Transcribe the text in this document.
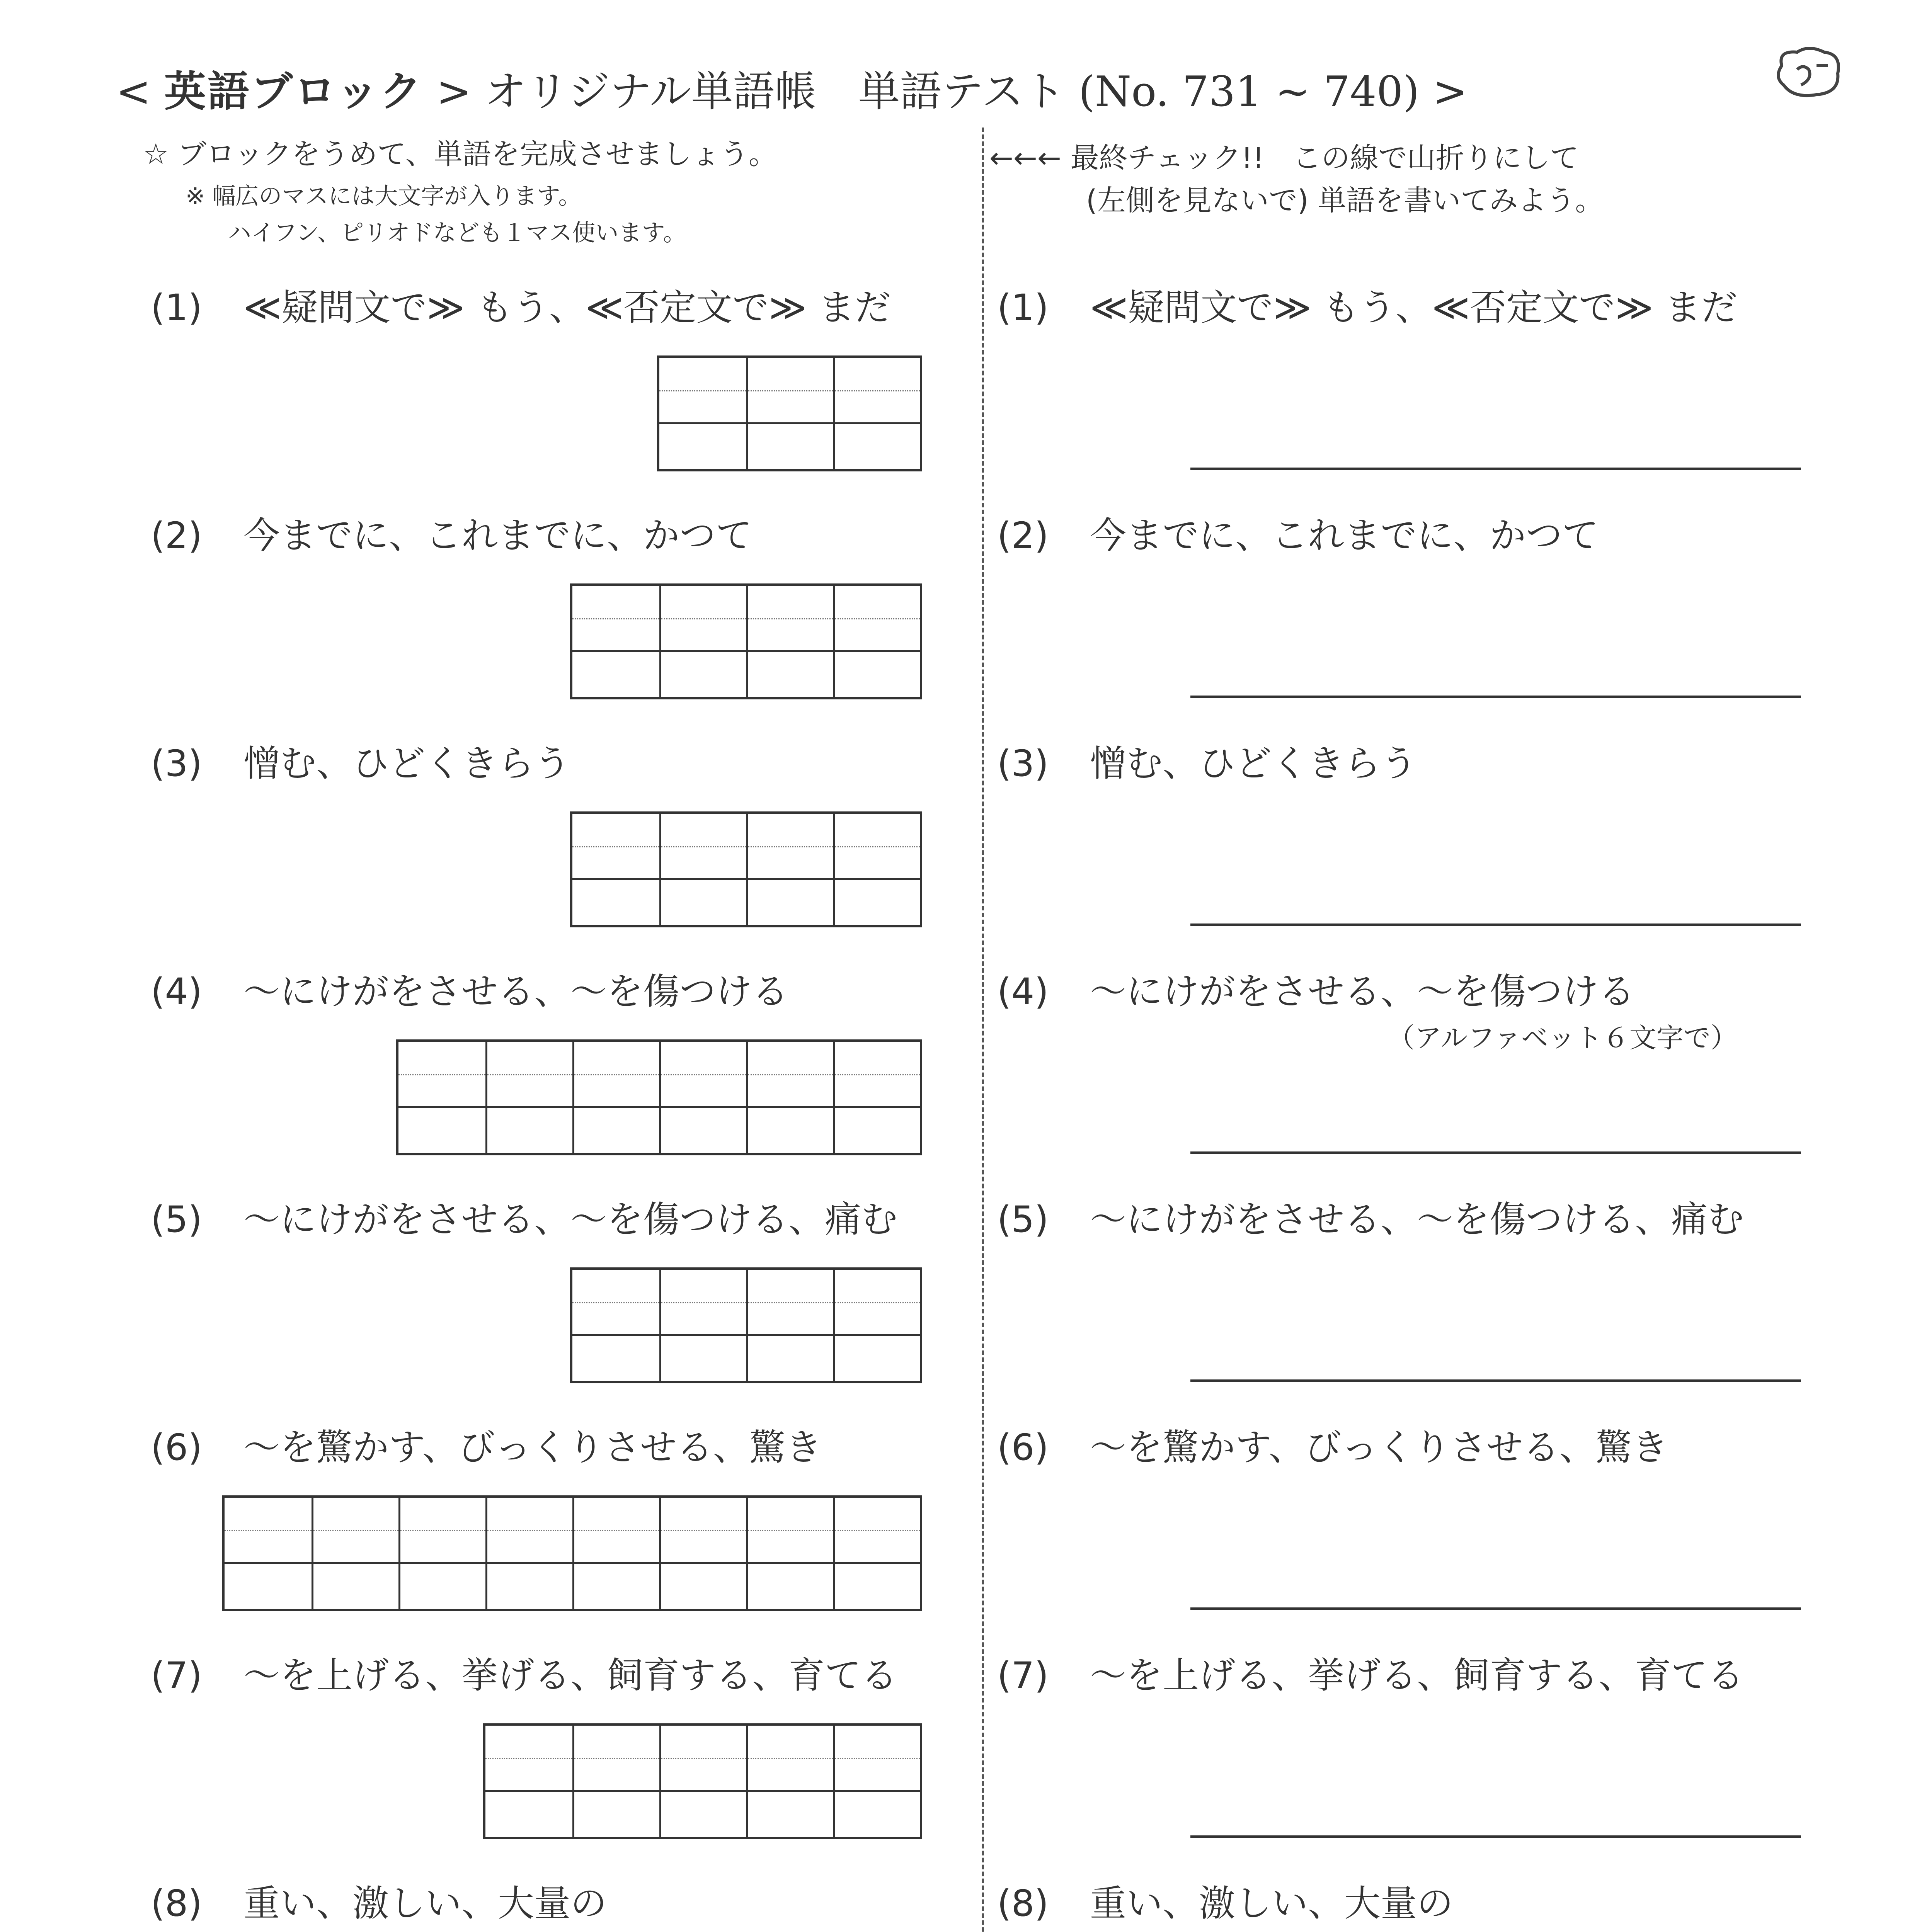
< 英語ブロック > オリジナル単語帳　単語テスト (No. 731 ~ 740) >
☆ ブロックをうめて、単語を完成させましょう。
※ 幅広のマスには大文字が入ります。
ハイフン、ピリオドなども１マス使います。
←←← 最終チェック!!　この線で山折りにして
(左側を見ないで) 単語を書いてみよう。
(1) ≪疑問文で≫ もう、≪否定文で≫ まだ	(1) ≪疑問文で≫ もう、≪否定文で≫ まだ
(2) 今までに、これまでに、かつて	(2) 今までに、これまでに、かつて
(3) 憎む、ひどくきらう	(3) 憎む、ひどくきらう
(4) ～にけがをさせる、～を傷つける	(4) ～にけがをさせる、～を傷つける
（アルファベット６文字で）
(5) ～にけがをさせる、～を傷つける、痛む	(5) ～にけがをさせる、～を傷つける、痛む
(6) ～を驚かす、びっくりさせる、驚き	(6) ～を驚かす、びっくりさせる、驚き
(7) ～を上げる、挙げる、飼育する、育てる	(7) ～を上げる、挙げる、飼育する、育てる
(8) 重い、激しい、大量の	(8) 重い、激しい、大量の
